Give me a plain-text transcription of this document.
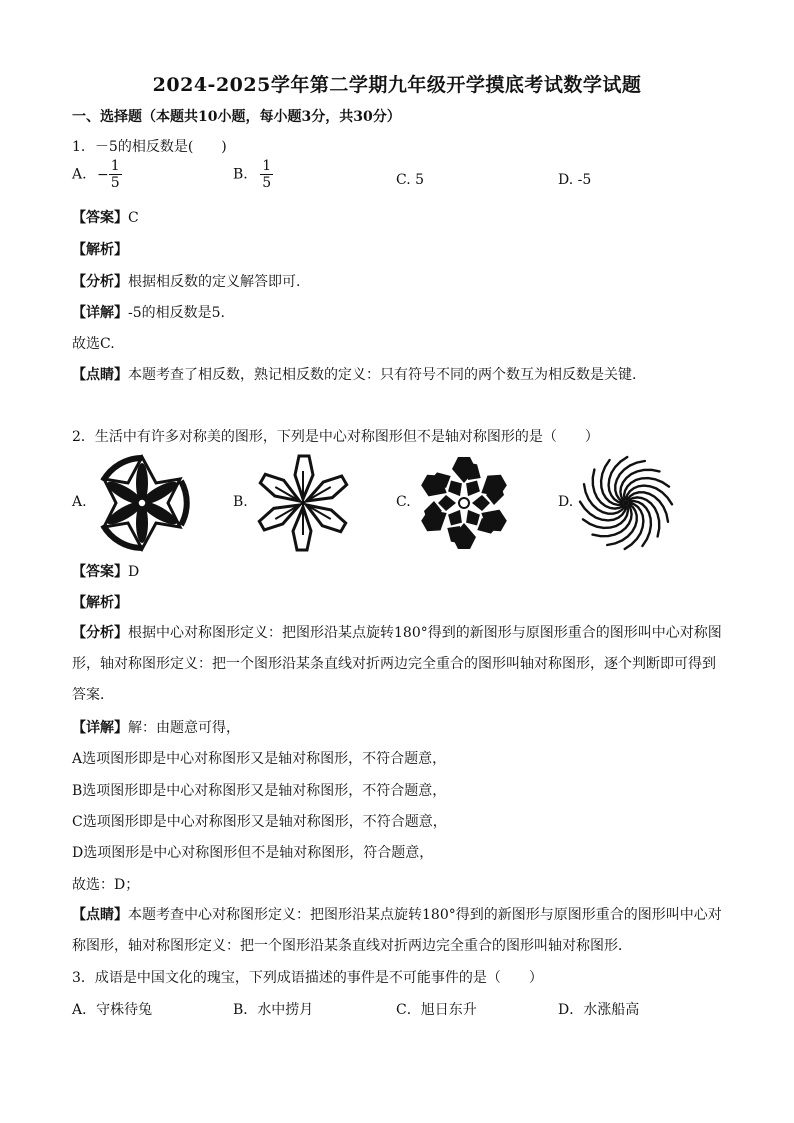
2024-2025学年第二学期九年级开学摸底考试数学试题
一、选择题（本题共10小题，每小题3分，共30分）
1．－5的相反数是(　　)
A. − $\frac{1}{5}$	B. $\frac{1}{5}$	C. 5	D. -5
【答案】C
【解析】
【分析】根据相反数的定义解答即可.
【详解】-5的相反数是5.
故选C.
【点睛】本题考查了相反数，熟记相反数的定义：只有符号不同的两个数互为相反数是关键.
2．生活中有许多对称美的图形，下列是中心对称图形但不是轴对称图形的是（　　）
A.	B.	C.	D.
【答案】D
【解析】
【分析】根据中心对称图形定义：把图形沿某点旋转180°得到的新图形与原图形重合的图形叫中心对称图形，轴对称图形定义：把一个图形沿某条直线对折两边完全重合的图形叫轴对称图形，逐个判断即可得到答案．
【详解】解：由题意可得，
A选项图形即是中心对称图形又是轴对称图形，不符合题意，
B选项图形即是中心对称图形又是轴对称图形，不符合题意，
C选项图形即是中心对称图形又是轴对称图形，不符合题意，
D选项图形是中心对称图形但不是轴对称图形，符合题意，
故选：D；
【点睛】本题考查中心对称图形定义：把图形沿某点旋转180°得到的新图形与原图形重合的图形叫中心对称图形，轴对称图形定义：把一个图形沿某条直线对折两边完全重合的图形叫轴对称图形．
3．成语是中国文化的瑰宝，下列成语描述的事件是不可能事件的是（　　）
A．守株待兔	B．水中捞月	C．旭日东升	D．水涨船高
